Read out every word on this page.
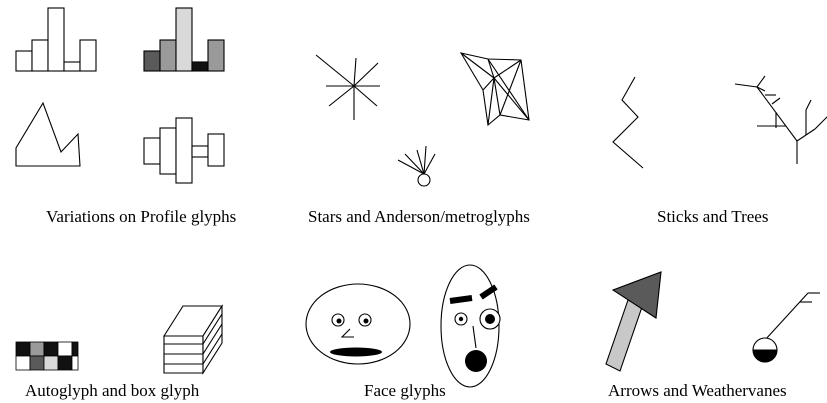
Variations on Profile glyphs	Stars and Anderson/metroglyphs	Sticks and Trees
Autoglyph and box glyph	Face glyphs	Arrows and Weathervanes
